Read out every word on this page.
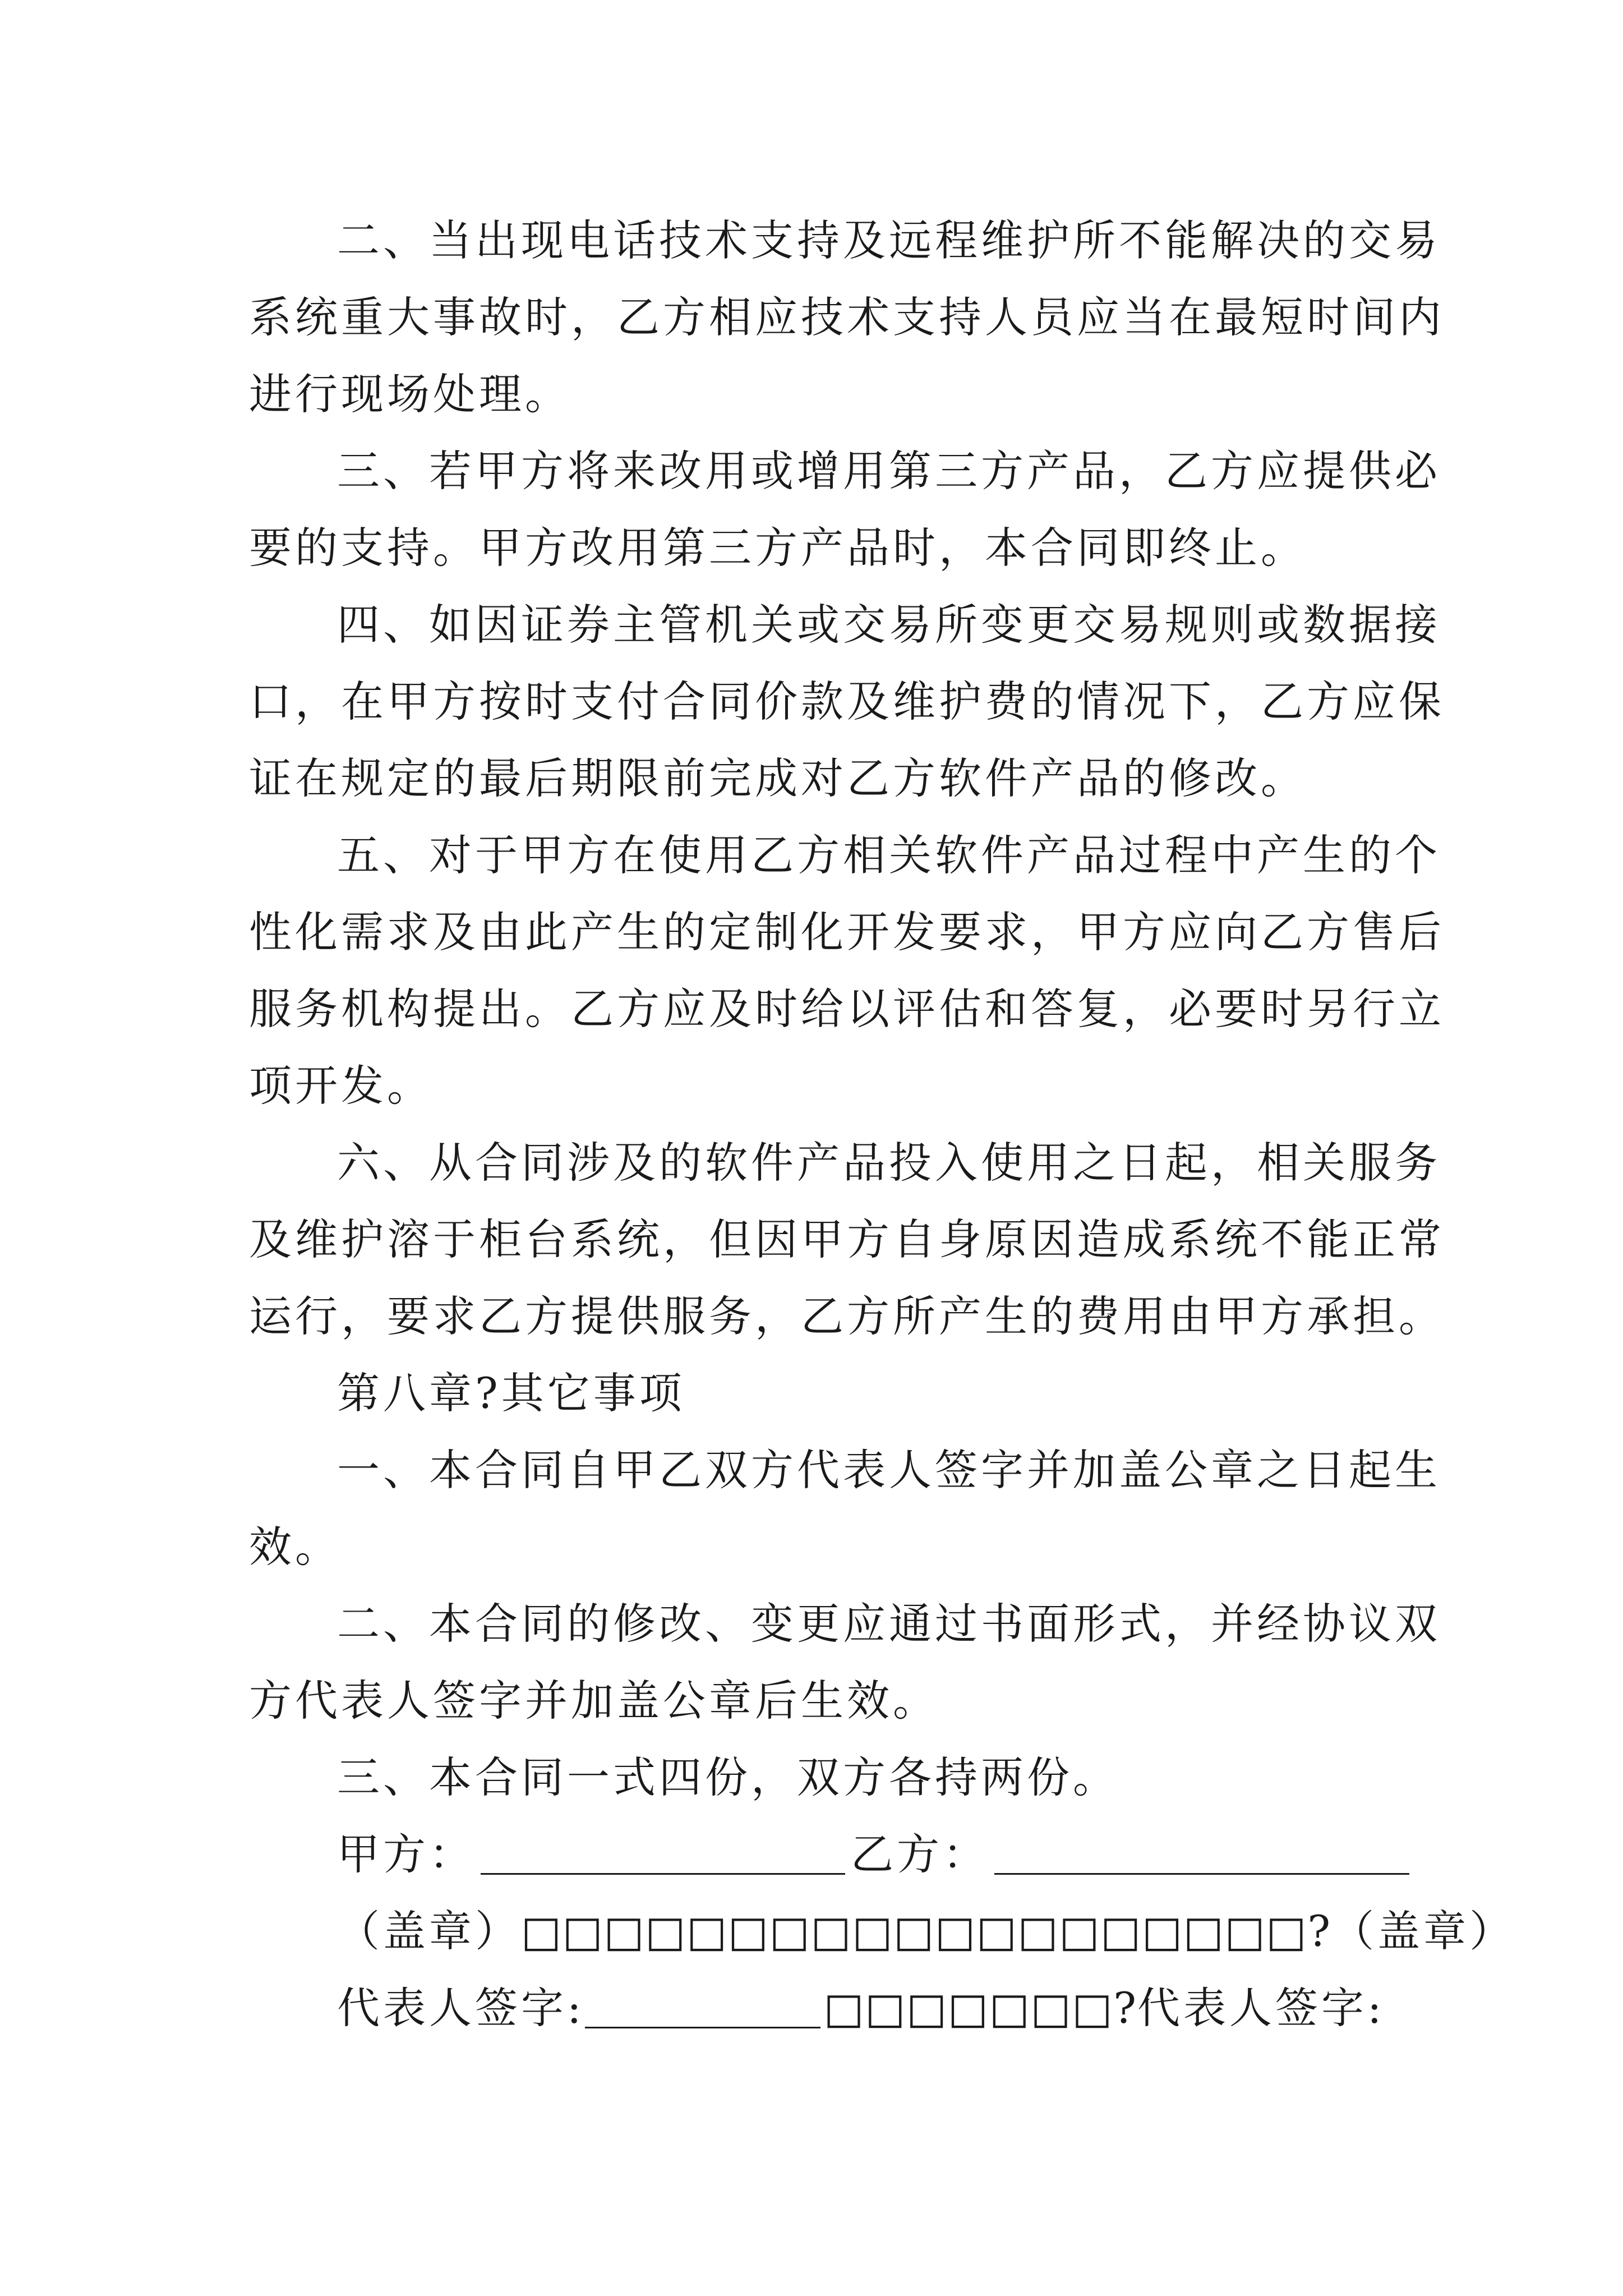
二、当出现电话技术支持及远程维护所不能解决的交易
系统重大事故时，乙方相应技术支持人员应当在最短时间内
进行现场处理。
三、若甲方将来改用或增用第三方产品，乙方应提供必
要的支持。甲方改用第三方产品时，本合同即终止。
四、如因证券主管机关或交易所变更交易规则或数据接
口，在甲方按时支付合同价款及维护费的情况下，乙方应保
证在规定的最后期限前完成对乙方软件产品的修改。
五、对于甲方在使用乙方相关软件产品过程中产生的个
性化需求及由此产生的定制化开发要求，甲方应向乙方售后
服务机构提出。乙方应及时给以评估和答复，必要时另行立
项开发。
六、从合同涉及的软件产品投入使用之日起，相关服务
及维护溶于柜台系统，但因甲方自身原因造成系统不能正常
运行，要求乙方提供服务，乙方所产生的费用由甲方承担。
第八章?其它事项
一、本合同自甲乙双方代表人签字并加盖公章之日起生
效。
二、本合同的修改、变更应通过书面形式，并经协议双
方代表人签字并加盖公章后生效。
三、本合同一式四份，双方各持两份。
甲方：	乙方：
（盖章）□□□□□□□□□□□□□□□□□□□?（盖章）
代表人签字:	□□□□□□□?代表人签字:
